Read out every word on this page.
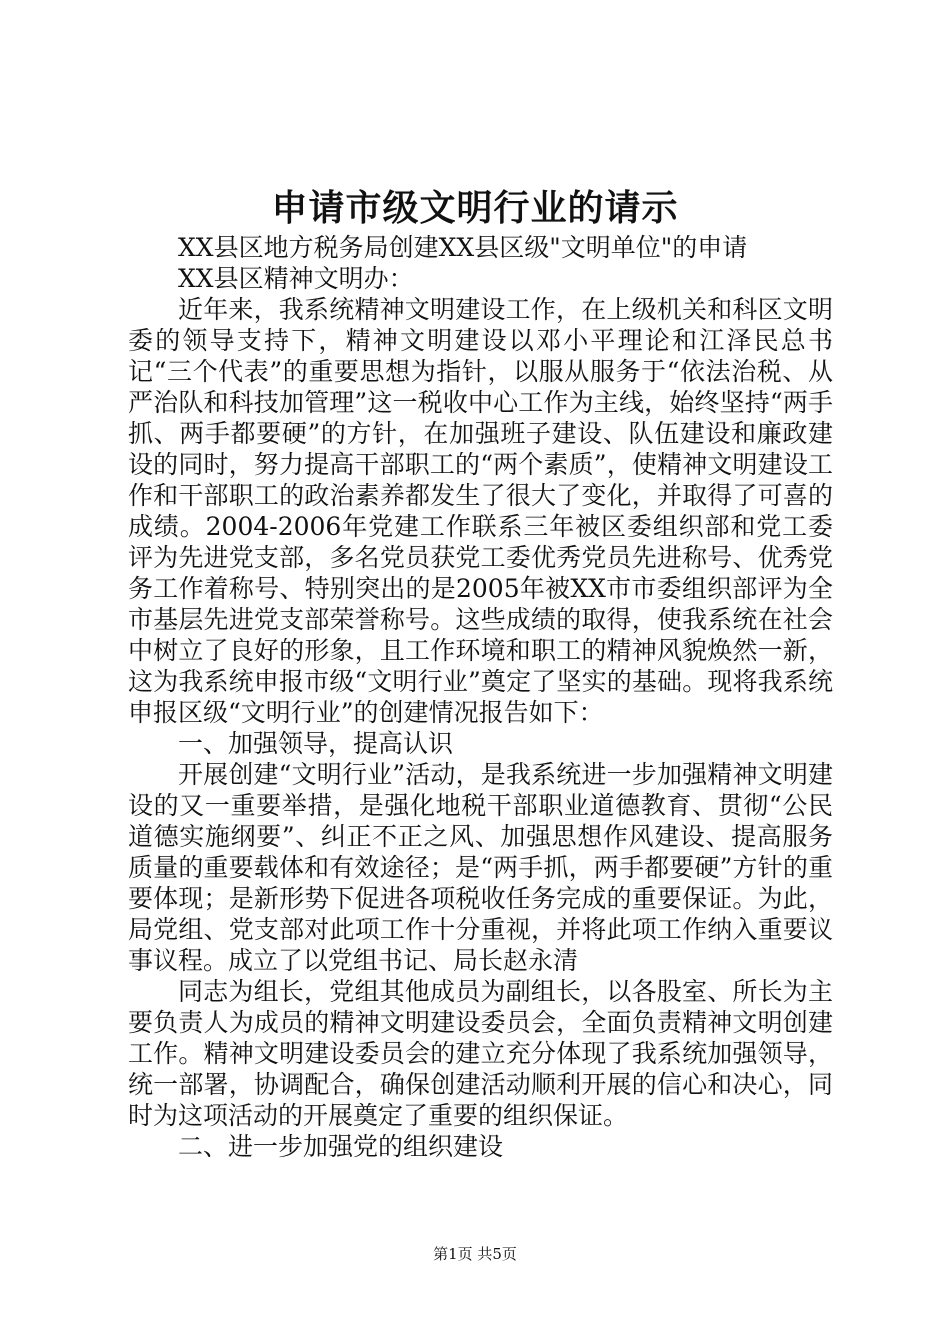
申请市级文明行业的请示

XX县区地方税务局创建XX县区级"文明单位"的申请

XX县区精神文明办：

近年来，我系统精神文明建设工作，在上级机关和科区文明委的领导支持下，精神文明建设以邓小平理论和江泽民总书记“三个代表”的重要思想为指针，以服从服务于“依法治税、从严治队和科技加管理”这一税收中心工作为主线，始终坚持“两手抓、两手都要硬”的方针，在加强班子建设、队伍建设和廉政建设的同时，努力提高干部职工的“两个素质”，使精神文明建设工作和干部职工的政治素养都发生了很大了变化，并取得了可喜的成绩。2004-2006年党建工作联系三年被区委组织部和党工委评为先进党支部，多名党员获党工委优秀党员先进称号、优秀党务工作着称号、特别突出的是2005年被XX市市委组织部评为全市基层先进党支部荣誉称号。这些成绩的取得，使我系统在社会中树立了良好的形象，且工作环境和职工的精神风貌焕然一新，这为我系统申报市级“文明行业”奠定了坚实的基础。现将我系统申报区级“文明行业”的创建情况报告如下：

一、加强领导，提高认识

开展创建“文明行业”活动，是我系统进一步加强精神文明建设的又一重要举措，是强化地税干部职业道德教育、贯彻“公民道德实施纲要”、纠正不正之风、加强思想作风建设、提高服务质量的重要载体和有效途径；是“两手抓，两手都要硬”方针的重要体现；是新形势下促进各项税收任务完成的重要保证。为此，局党组、党支部对此项工作十分重视，并将此项工作纳入重要议事议程。成立了以党组书记、局长赵永清

同志为组长，党组其他成员为副组长，以各股室、所长为主要负责人为成员的精神文明建设委员会，全面负责精神文明创建工作。精神文明建设委员会的建立充分体现了我系统加强领导，统一部署，协调配合，确保创建活动顺利开展的信心和决心，同时为这项活动的开展奠定了重要的组织保证。

二、进一步加强党的组织建设

第1页 共5页
